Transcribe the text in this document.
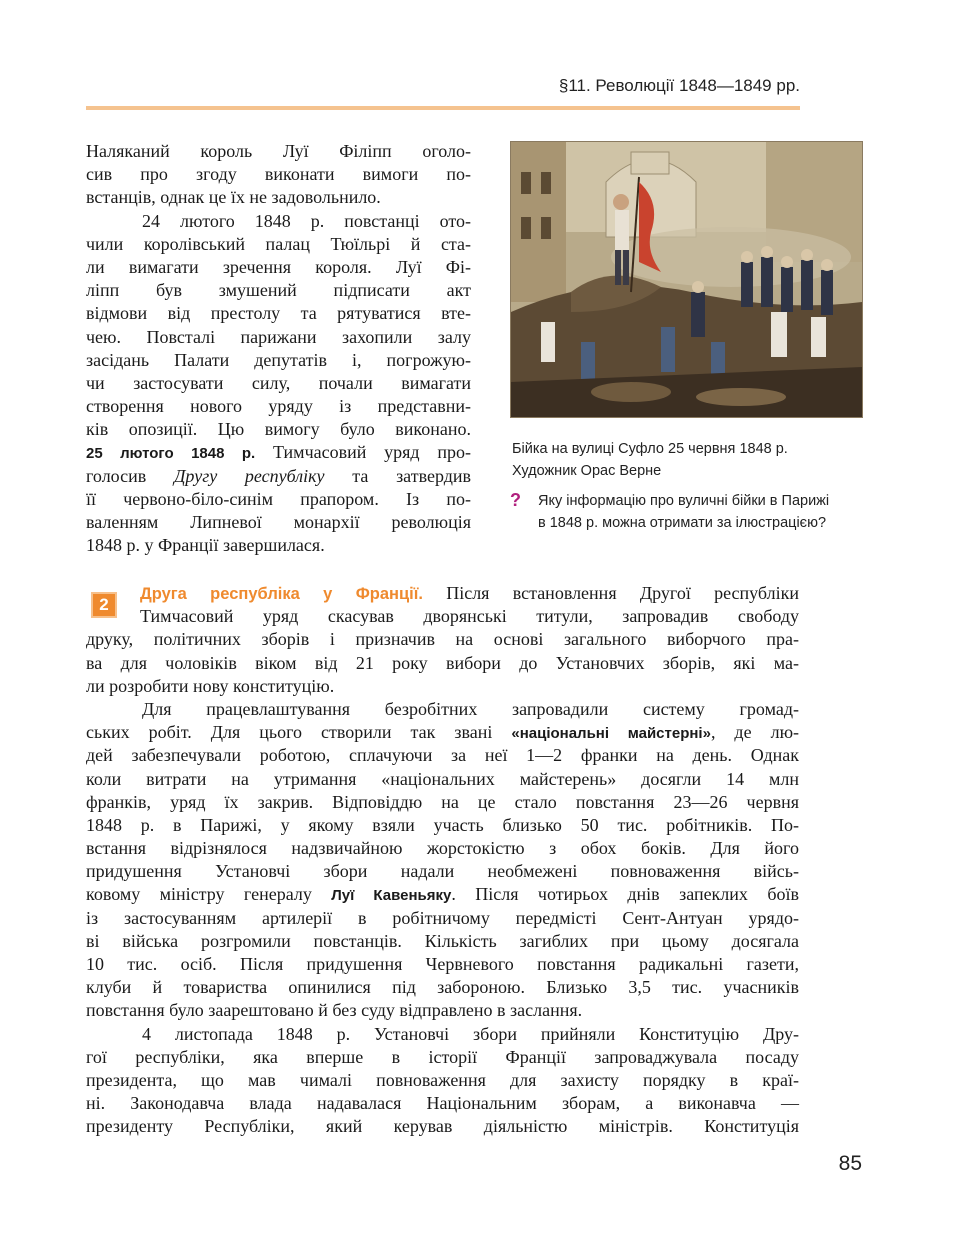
§11. Революції 1848—1849 рр.
Наляканий король Луї Філіпп оголо-
сив про згоду виконати вимоги по-
встанців, однак це їх не задовольнило.
24 лютого 1848 р. повстанці ото-
чили королівський палац Тюїльрі й ста-
ли вимагати зречення короля. Луї Фі-
ліпп був змушений підписати акт
відмови від престолу та рятуватися вте-
чею. Повсталі парижани захопили залу
засідань Палати депутатів і, погрожую-
чи застосувати силу, почали вимагати
створення нового уряду із представни-
ків опозиції. Цю вимогу було виконано.
25 лютого 1848 р. Тимчасовий уряд про-
голосив Другу республіку та затвердив
її червоно-біло-синім прапором. Із по-
валенням Липневої монархії революція
1848 р. у Франції завершилася.
Бійка на вулиці Суфло 25 червня 1848 р. Художник Орас Верне
? Яку інформацію про вуличні бійки в Парижі в 1848 р. можна отримати за ілюстрацією?
2
Друга республіка у Франції. Після встановлення Другої республіки
Тимчасовий уряд скасував дворянські титули, запровадив свободу
друку, політичних зборів і призначив на основі загального виборчого пра-
ва для чоловіків віком від 21 року вибори до Установчих зборів, які ма-
ли розробити нову конституцію.
Для працевлаштування безробітних запровадили систему громад-
ських робіт. Для цього створили так звані «національні майстерні», де лю-
дей забезпечували роботою, сплачуючи за неї 1—2 франки на день. Однак
коли витрати на утримання «національних майстерень» досягли 14 млн
франків, уряд їх закрив. Відповіддю на це стало повстання 23—26 червня
1848 р. в Парижі, у якому взяли участь близько 50 тис. робітників. По-
встання відрізнялося надзвичайною жорстокістю з обох боків. Для його
придушення Установчі збори надали необмежені повноваження війсь-
ковому міністру генералу Луї Кавеньяку. Після чотирьох днів запеклих боїв
із застосуванням артилерії в робітничому передмісті Сент-Антуан урядо-
ві війська розгромили повстанців. Кількість загиблих при цьому досягала
10 тис. осіб. Після придушення Червневого повстання радикальні газети,
клуби й товариства опинилися під забороною. Близько 3,5 тис. учасників
повстання було заарештовано й без суду відправлено в заслання.
4 листопада 1848 р. Установчі збори прийняли Конституцію Дру-
гої республіки, яка вперше в історії Франції запроваджувала посаду
президента, що мав чималі повноваження для захисту порядку в краї-
ні. Законодавча влада надавалася Національним зборам, а виконавча —
президенту Республіки, який керував діяльністю міністрів. Конституція
85
